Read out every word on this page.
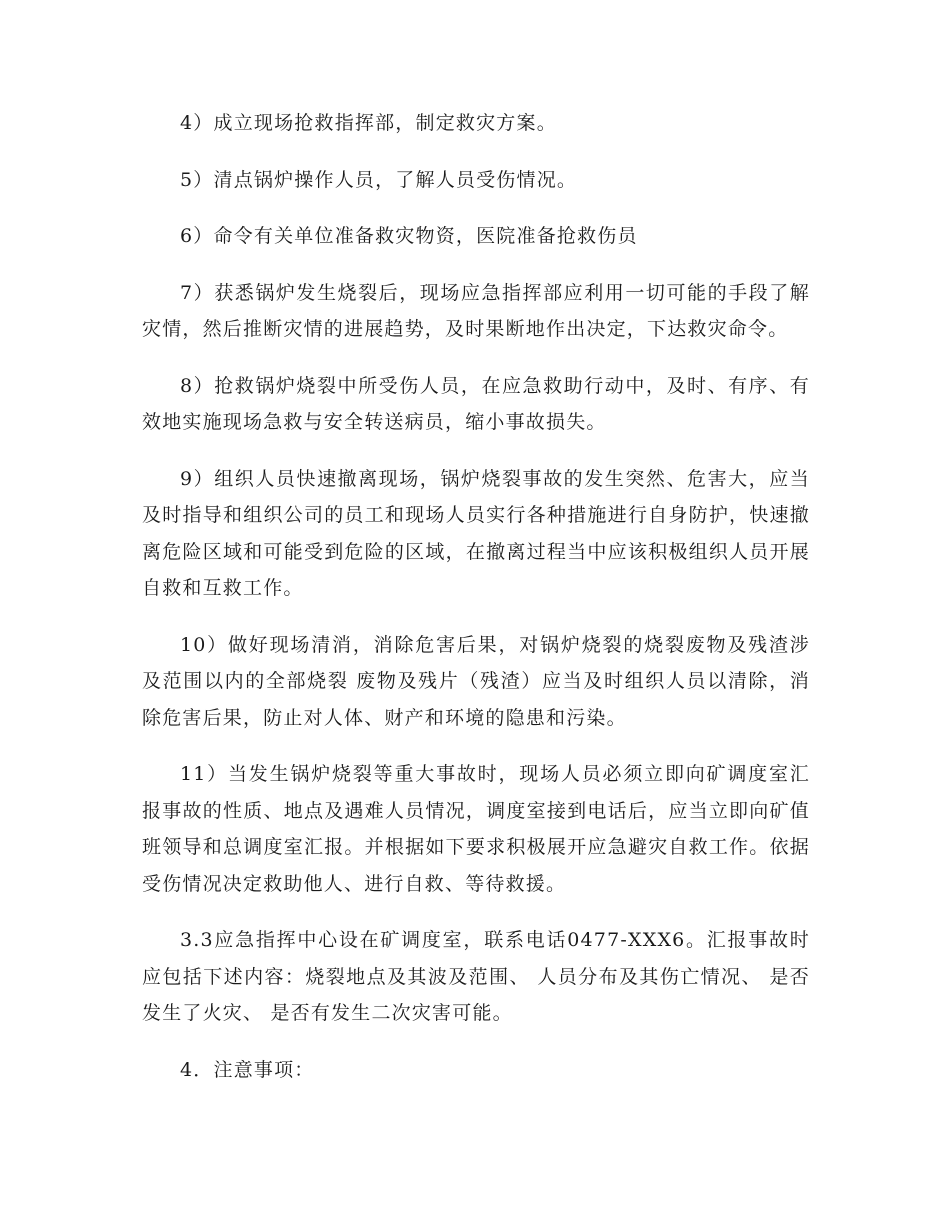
4）成立现场抢救指挥部，制定救灾方案。

5）清点锅炉操作人员，了解人员受伤情况。

6）命令有关单位准备救灾物资，医院准备抢救伤员

7）获悉锅炉发生烧裂后，现场应急指挥部应利用一切可能的手段了解灾情，然后推断灾情的进展趋势，及时果断地作出决定，下达救灾命令。

8）抢救锅炉烧裂中所受伤人员，在应急救助行动中，及时、有序、有效地实施现场急救与安全转送病员，缩小事故损失。

9）组织人员快速撤离现场，锅炉烧裂事故的发生突然、危害大，应当及时指导和组织公司的员工和现场人员实行各种措施进行自身防护，快速撤离危险区域和可能受到危险的区域，在撤离过程当中应该积极组织人员开展自救和互救工作。

10）做好现场清消，消除危害后果，对锅炉烧裂的烧裂废物及残渣涉及范围以内的全部烧裂 废物及残片（残渣）应当及时组织人员以清除，消除危害后果，防止对人体、财产和环境的隐患和污染。

11）当发生锅炉烧裂等重大事故时，现场人员必须立即向矿调度室汇报事故的性质、地点及遇难人员情况，调度室接到电话后，应当立即向矿值班领导和总调度室汇报。并根据如下要求积极展开应急避灾自救工作。依据受伤情况决定救助他人、进行自救、等待救援。

3.3应急指挥中心设在矿调度室，联系电话0477-XXX6。汇报事故时应包括下述内容：烧裂地点及其波及范围、 人员分布及其伤亡情况、 是否发生了火灾、 是否有发生二次灾害可能。

4．注意事项：
